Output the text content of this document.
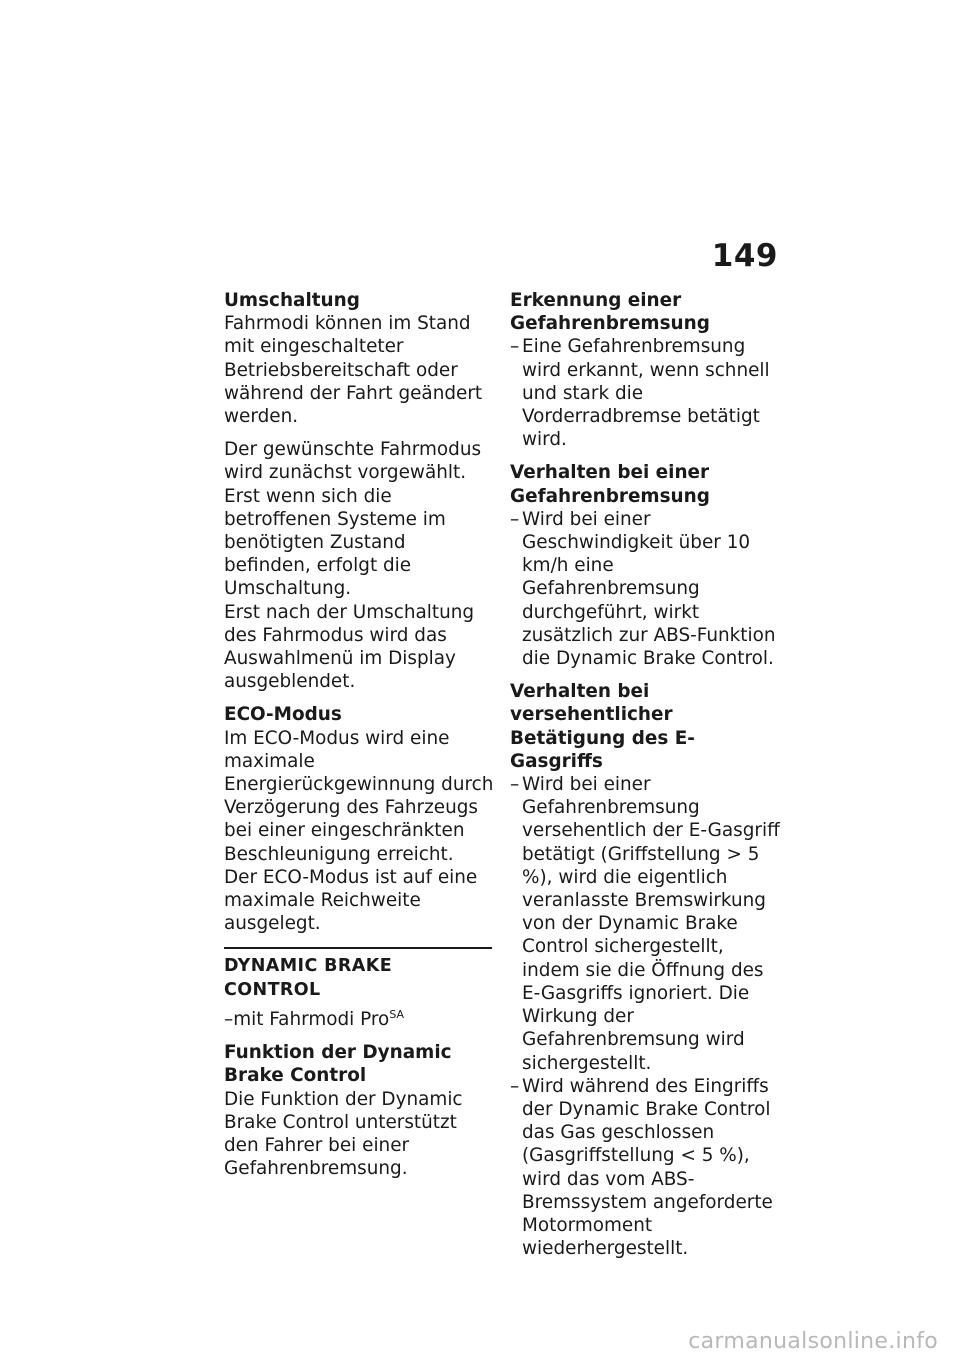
149

Umschaltung

Fahrmodi können im Stand mit eingeschalteter Betriebsbereitschaft oder während der Fahrt geändert werden.

Der gewünschte Fahrmodus wird zunächst vorgewählt. Erst wenn sich die betroffenen Systeme im benötigten Zustand befinden, erfolgt die Umschaltung.

Erst nach der Umschaltung des Fahrmodus wird das Auswahlmenü im Display ausgeblendet.

ECO-Modus

Im ECO-Modus wird eine maximale Energierückgewinnung durch Verzögerung des Fahrzeugs bei einer eingeschränkten Beschleunigung erreicht.

Der ECO-Modus ist auf eine maximale Reichweite ausgelegt.

DYNAMIC BRAKE CONTROL

–mit Fahrmodi Pro$^{SA}$

Funktion der Dynamic Brake Control

Die Funktion der Dynamic Brake Control unterstützt den Fahrer bei einer Gefahrenbremsung.

Erkennung einer Gefahrenbremsung

– Eine Gefahrenbremsung wird erkannt, wenn schnell und stark die Vorderradbremse betätigt wird.

Verhalten bei einer Gefahrenbremsung

– Wird bei einer Geschwindigkeit über 10 km/h eine Gefahrenbremsung durchgeführt, wirkt zusätzlich zur ABS-Funktion die Dynamic Brake Control.

Verhalten bei versehentlicher Betätigung des E-Gasgriffs

– Wird bei einer Gefahrenbremsung versehentlich der E-Gasgriff betätigt (Griffstellung > 5 %), wird die eigentlich veranlasste Bremswirkung von der Dynamic Brake Control sichergestellt, indem sie die Öffnung des E-Gasgriffs ignoriert. Die Wirkung der Gefahrenbremsung wird sichergestellt.

– Wird während des Eingriffs der Dynamic Brake Control das Gas geschlossen (Gasgriffstellung < 5 %), wird das vom ABS-Bremssystem angeforderte Motormoment wiederhergestellt.

carmanualsonline.info
